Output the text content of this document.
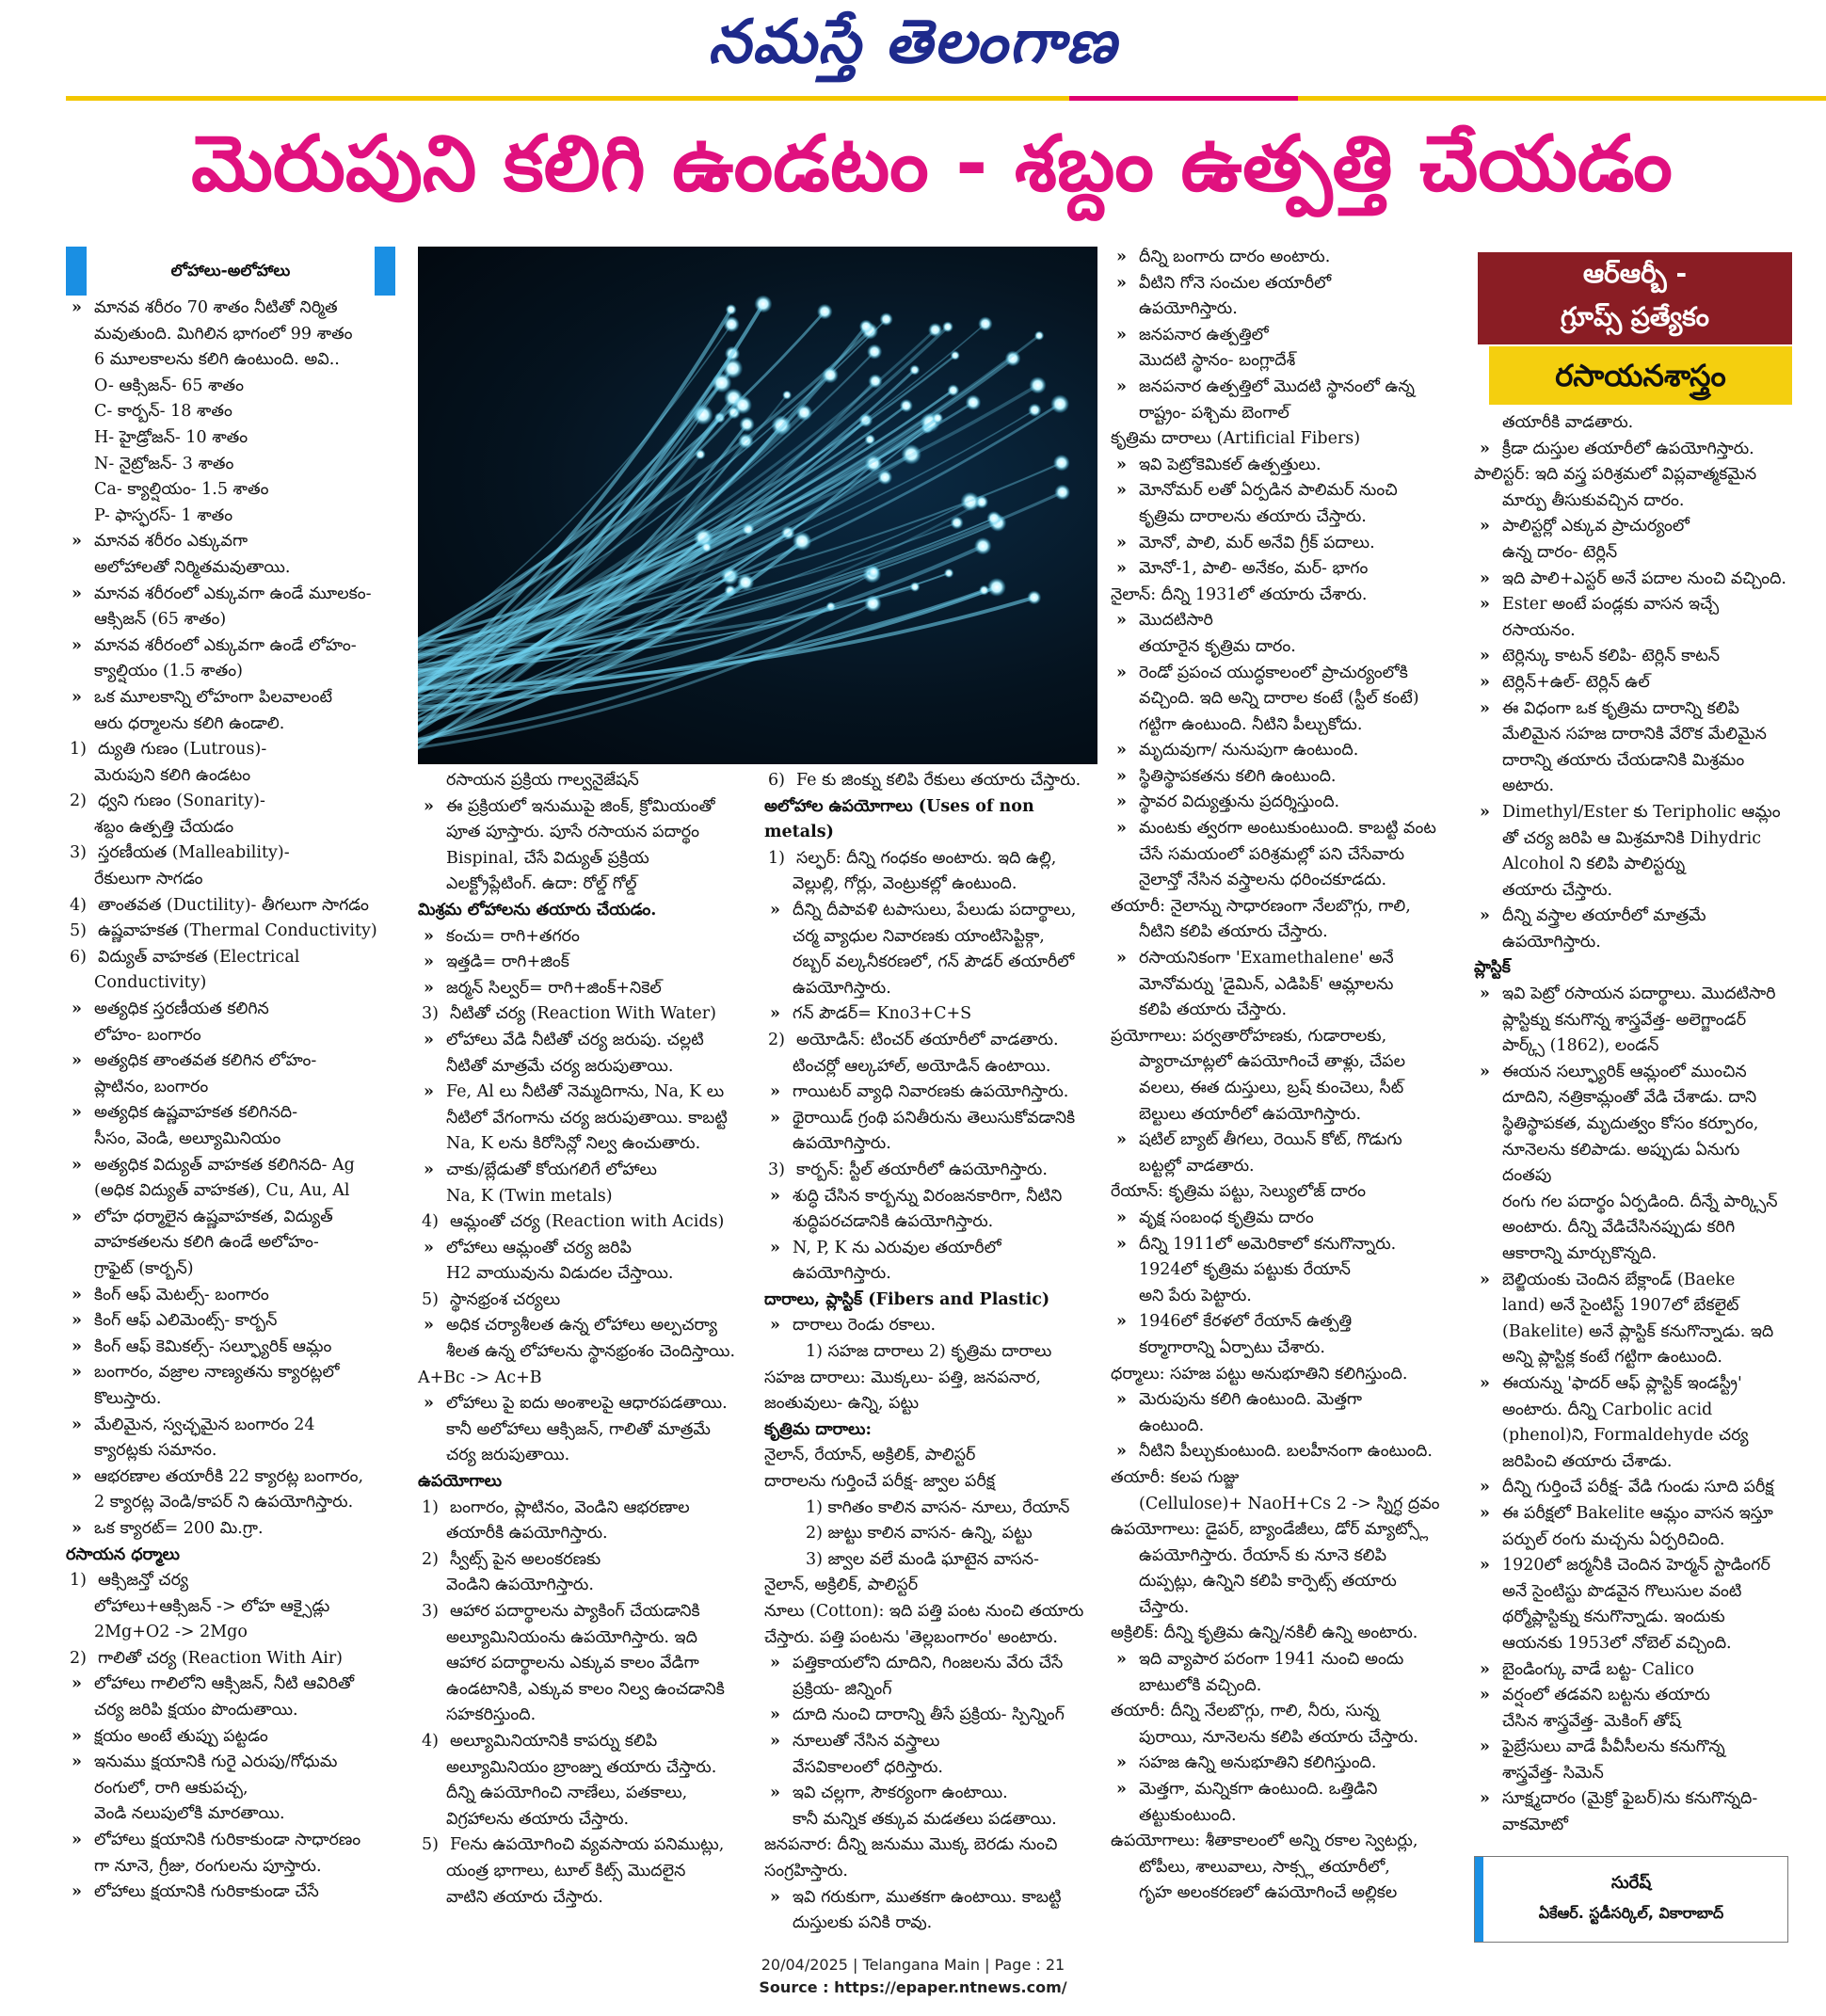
నమస్తే తెలంగాణ
మెరుపుని కలిగి ఉండటం - శబ్దం ఉత్పత్తి చేయడం
లోహాలు-అలోహాలు

» మానవ శరీరం 70 శాతం నీటితో నిర్మిత

మవుతుంది. మిగిలిన భాగంలో 99 శాతం

6 మూలకాలను కలిగి ఉంటుంది. అవి..

O- ఆక్సిజన్- 65 శాతం

C- కార్బన్- 18 శాతం

H- హైడ్రోజన్- 10 శాతం

N- నైట్రోజన్- 3 శాతం

Ca- క్యాల్షియం- 1.5 శాతం

P- ఫాస్ఫరస్- 1 శాతం

» మానవ శరీరం ఎక్కువగా

అలోహాలతో నిర్మితమవుతాయి.

» మానవ శరీరంలో ఎక్కువగా ఉండే మూలకం-

ఆక్సిజన్ (65 శాతం)

» మానవ శరీరంలో ఎక్కువగా ఉండే లోహం-

క్యాల్షియం (1.5 శాతం)

» ఒక మూలకాన్ని లోహంగా పిలవాలంటే

ఆరు ధర్మాలను కలిగి ఉండాలి.

1) ద్యుతి గుణం (Lutrous)-

మెరుపుని కలిగి ఉండటం

2) ధ్వని గుణం (Sonarity)-

శబ్దం ఉత్పత్తి చేయడం

3) స్తరణీయత (Malleability)-

రేకులుగా సాగడం

4) తాంతవత (Ductility)- తీగలుగా సాగడం

5) ఉష్ణవాహకత (Thermal Conductivity)

6) విద్యుత్ వాహకత (Electrical

Conductivity)

» అత్యధిక స్తరణీయత కలిగిన

లోహం- బంగారం

» అత్యధిక తాంతవత కలిగిన లోహం-

ప్లాటినం, బంగారం

» అత్యధిక ఉష్ణవాహకత కలిగినది-

సీసం, వెండి, అల్యూమినియం

» అత్యధిక విద్యుత్ వాహకత కలిగినది- Ag

(అధిక విద్యుత్ వాహకత), Cu, Au, Al

» లోహ ధర్మాలైన ఉష్ణవాహకత, విద్యుత్

వాహకతలను కలిగి ఉండే అలోహం-

గ్రాఫైట్ (కార్బన్)

» కింగ్ ఆఫ్ మెటల్స్- బంగారం

» కింగ్ ఆఫ్ ఎలిమెంట్స్- కార్బన్

» కింగ్ ఆఫ్ కెమికల్స్- సల్ఫ్యూరిక్ ఆమ్లం

» బంగారం, వజ్రాల నాణ్యతను క్యారట్లలో

కొలుస్తారు.

» మేలిమైన, స్వచ్ఛమైన బంగారం 24

క్యారట్లకు సమానం.

» ఆభరణాల తయారీకి 22 క్యారట్ల బంగారం,

2 క్యారట్ల వెండి/కాపర్ ని ఉపయోగిస్తారు.

» ఒక క్యారట్= 200 మి.గ్రా.

రసాయన ధర్మాలు

1) ఆక్సిజన్తో చర్య

లోహాలు+ఆక్సిజన్ -> లోహ ఆక్సైడ్లు

2Mg+O2 -> 2Mgo

2) గాలితో చర్య (Reaction With Air)

» లోహాలు గాలిలోని ఆక్సిజన్, నీటి ఆవిరితో

చర్య జరిపి క్షయం పొందుతాయి.

» క్షయం అంటే తుప్పు పట్టడం

» ఇనుము క్షయానికి గురై ఎరుపు/గోధుమ

రంగులో, రాగి ఆకుపచ్చ,

వెండి నలుపులోకి మారతాయి.

» లోహాలు క్షయానికి గురికాకుండా సాధారణం

గా నూనె, గ్రీజు, రంగులను పూస్తారు.

» లోహాలు క్షయానికి గురికాకుండా చేసే

రసాయన ప్రక్రియ గాల్వనైజేషన్

» ఈ ప్రక్రియలో ఇనుముపై జింక్, క్రోమియంతో

పూత పూస్తారు. పూసే రసాయన పదార్థం

Bispinal, చేసే విద్యుత్ ప్రక్రియ

ఎలక్ట్రోప్లేటింగ్. ఉదా: రోల్డ్ గోల్డ్

మిశ్రమ లోహాలను తయారు చేయడం.

» కంచు= రాగి+తగరం

» ఇత్తడి= రాగి+జింక్

» జర్మన్ సిల్వర్= రాగి+జింక్+నికెల్

3) నీటితో చర్య (Reaction With Water)

» లోహాలు వేడి నీటితో చర్య జరుపు. చల్లటి

నీటితో మాత్రమే చర్య జరుపుతాయి.

» Fe, Al లు నీటితో నెమ్మదిగాను, Na, K లు

నీటిలో వేగంగాను చర్య జరుపుతాయి. కాబట్టి

Na, K లను కిరోసిన్లో నిల్వ ఉంచుతారు.

» చాకు/బ్లేడుతో కోయగలిగే లోహాలు

Na, K (Twin metals)

4) ఆమ్లంతో చర్య (Reaction with Acids)

» లోహాలు ఆమ్లంతో చర్య జరిపి

H2 వాయువును విడుదల చేస్తాయి.

5) స్థానభ్రంశ చర్యలు

» అధిక చర్యాశీలత ఉన్న లోహాలు అల్పచర్యా

శీలత ఉన్న లోహాలను స్థానభ్రంశం చెందిస్తాయి.

A+Bc -> Ac+B

» లోహాలు పై ఐదు అంశాలపై ఆధారపడతాయి.

కానీ అలోహాలు ఆక్సిజన్, గాలితో మాత్రమే

చర్య జరుపుతాయి.

ఉపయోగాలు

1) బంగారం, ప్లాటినం, వెండిని ఆభరణాల

తయారీకి ఉపయోగిస్తారు.

2) స్వీట్స్ పైన అలంకరణకు

వెండిని ఉపయోగిస్తారు.

3) ఆహార పదార్థాలను ప్యాకింగ్ చేయడానికి

అల్యూమినియంను ఉపయోగిస్తారు. ఇది

ఆహార పదార్థాలను ఎక్కువ కాలం వేడిగా

ఉండటానికి, ఎక్కువ కాలం నిల్వ ఉంచడానికి

సహకరిస్తుంది.

4) అల్యూమినియానికి కాపర్ను కలిపి

అల్యూమినియం బ్రాంజ్ను తయారు చేస్తారు.

దీన్ని ఉపయోగించి నాణేలు, పతకాలు,

విగ్రహాలను తయారు చేస్తారు.

5) Feను ఉపయోగించి వ్యవసాయ పనిముట్లు,

యంత్ర భాగాలు, టూల్ కిట్స్ మొదలైన

వాటిని తయారు చేస్తారు.

6) Fe కు జింక్ను కలిపి రేకులు తయారు చేస్తారు.

అలోహాల ఉపయోగాలు (Uses of non metals)

1) సల్ఫర్: దీన్ని గంధకం అంటారు. ఇది ఉల్లి,

వెల్లుల్లి, గోర్లు, వెంట్రుకల్లో ఉంటుంది.

» దీన్ని దీపావళి టపాసులు, పేలుడు పదార్థాలు,

చర్మ వ్యాధుల నివారణకు యాంటిసెప్టిక్గా,

రబ్బర్ వల్కనీకరణలో, గన్ పౌడర్ తయారీలో

ఉపయోగిస్తారు.

» గన్ పౌడర్= Kno3+C+S

2) అయోడిన్: టించర్ తయారీలో వాడతారు.

టించర్లో ఆల్కహాల్, అయోడిన్ ఉంటాయి.

» గాయిటర్ వ్యాధి నివారణకు ఉపయోగిస్తారు.

» థైరాయిడ్ గ్రంథి పనితీరును తెలుసుకోవడానికి

ఉపయోగిస్తారు.

3) కార్బన్: స్టీల్ తయారీలో ఉపయోగిస్తారు.

» శుద్ధి చేసిన కార్బన్ను విరంజనకారిగా, నీటిని

శుద్ధిపరచడానికి ఉపయోగిస్తారు.

» N, P, K ను ఎరువుల తయారీలో

ఉపయోగిస్తారు.

దారాలు, ప్లాస్టిక్ (Fibers and Plastic)

» దారాలు రెండు రకాలు.

1) సహజ దారాలు 2) కృత్రిమ దారాలు

సహజ దారాలు: మొక్కలు- పత్తి, జనపనార,

జంతువులు- ఉన్ని, పట్టు

కృత్రిమ దారాలు:

నైలాన్, రేయాన్, అక్రిలిక్, పాలిస్టర్

దారాలను గుర్తించే పరీక్ష- జ్వాల పరీక్ష

1) కాగితం కాలిన వాసన- నూలు, రేయాన్

2) జుట్టు కాలిన వాసన- ఉన్ని, పట్టు

3) జ్వాల వలే మండి ఘాటైన వాసన-

నైలాన్, అక్రిలిక్, పాలిస్టర్

నూలు (Cotton): ఇది పత్తి పంట నుంచి తయారు

చేస్తారు. పత్తి పంటను 'తెల్లబంగారం' అంటారు.

» పత్తికాయలోని దూదిని, గింజలను వేరు చేసే

ప్రక్రియ- జిన్నింగ్

» దూది నుంచి దారాన్ని తీసే ప్రక్రియ- స్పిన్నింగ్

» నూలుతో నేసిన వస్త్రాలు

వేసవికాలంలో ధరిస్తారు.

» ఇవి చల్లగా, సౌకర్యంగా ఉంటాయి.

కానీ మన్నిక తక్కువ మడతలు పడతాయి.

జనపనార: దీన్ని జనుము మొక్క బెరడు నుంచి

సంగ్రహిస్తారు.

» ఇవి గరుకుగా, ముతకగా ఉంటాయి. కాబట్టి

దుస్తులకు పనికి రావు.

» దీన్ని బంగారు దారం అంటారు.

» వీటిని గోనె సంచుల తయారీలో

ఉపయోగిస్తారు.

» జనపనార ఉత్పత్తిలో

మొదటి స్థానం- బంగ్లాదేశ్

» జనపనార ఉత్పత్తిలో మొదటి స్థానంలో ఉన్న

రాష్ట్రం- పశ్చిమ బెంగాల్

కృత్రిమ దారాలు (Artificial Fibers)

» ఇవి పెట్రోకెమికల్ ఉత్పత్తులు.

» మోనోమర్ లతో ఏర్పడిన పాలిమర్ నుంచి

కృత్రిమ దారాలను తయారు చేస్తారు.

» మోనో, పాలి, మర్ అనేవి గ్రీక్ పదాలు.

» మోనో-1, పాలి- అనేకం, మర్- భాగం

నైలాన్: దీన్ని 1931లో తయారు చేశారు.

» మొదటిసారి

తయారైన కృత్రిమ దారం.

» రెండో ప్రపంచ యుద్ధకాలంలో ప్రాచుర్యంలోకి

వచ్చింది. ఇది అన్ని దారాల కంటే (స్టీల్ కంటే)

గట్టిగా ఉంటుంది. నీటిని పీల్చుకోదు.

» మృదువుగా/ నునుపుగా ఉంటుంది.

» స్థితిస్థాపకతను కలిగి ఉంటుంది.

» స్థావర విద్యుత్తును ప్రదర్శిస్తుంది.

» మంటకు త్వరగా అంటుకుంటుంది. కాబట్టి వంట

చేసే సమయంలో పరిశ్రమల్లో పని చేసేవారు

నైలాన్తో నేసిన వస్త్రాలను ధరించకూడదు.

తయారీ: నైలాన్ను సాధారణంగా నేలబొగ్గు, గాలి,

నీటిని కలిపి తయారు చేస్తారు.

» రసాయనికంగా 'Examethalene' అనే

మోనోమర్ను 'డైమిన్, ఎడిపిక్' ఆమ్లాలను

కలిపి తయారు చేస్తారు.

ప్రయోగాలు: పర్వతారోహణకు, గుడారాలకు,

ప్యారాచూట్లలో ఉపయోగించే తాళ్లు, చేపల

వలలు, ఈత దుస్తులు, బ్రష్ కుంచెలు, సీట్

బెల్టులు తయారీలో ఉపయోగిస్తారు.

» షటిల్ బ్యాట్ తీగలు, రెయిన్ కోట్, గొడుగు

బట్టల్లో వాడతారు.

రేయాన్: కృత్రిమ పట్టు, సెల్యులోజ్ దారం

» వృక్ష సంబంధ కృత్రిమ దారం

» దీన్ని 1911లో అమెరికాలో కనుగొన్నారు.

1924లో కృత్రిమ పట్టుకు రేయాన్

అని పేరు పెట్టారు.

» 1946లో కేరళలో రేయాన్ ఉత్పత్తి

కర్మాగారాన్ని ఏర్పాటు చేశారు.

ధర్మాలు: సహజ పట్టు అనుభూతిని కలిగిస్తుంది.

» మెరుపును కలిగి ఉంటుంది. మెత్తగా

ఉంటుంది.

» నీటిని పీల్చుకుంటుంది. బలహీనంగా ఉంటుంది.

తయారీ: కలప గుజ్జు

(Cellulose)+ NaoH+Cs 2 -> స్నిగ్ధ ద్రవం

ఉపయోగాలు: డైపర్, బ్యాండేజీలు, డోర్ మ్యాట్స్లో

ఉపయోగిస్తారు. రేయాన్ కు నూనె కలిపి

దుప్పట్లు, ఉన్నిని కలిపి కార్పెట్స్ తయారు

చేస్తారు.

అక్రిలిక్: దీన్ని కృత్రిమ ఉన్ని/నకిలీ ఉన్ని అంటారు.

» ఇది వ్యాపార పరంగా 1941 నుంచి అందు

బాటులోకి వచ్చింది.

తయారీ: దీన్ని నేలబొగ్గు, గాలి, నీరు, సున్న

పురాయి, నూనెలను కలిపి తయారు చేస్తారు.

» సహజ ఉన్ని అనుభూతిని కలిగిస్తుంది.

» మెత్తగా, మన్నికగా ఉంటుంది. ఒత్తిడిని

తట్టుకుంటుంది.

ఉపయోగాలు: శీతాకాలంలో అన్ని రకాల స్వెటర్లు,

టోపీలు, శాలువాలు, సాక్స్ల తయారీలో,

గృహ అలంకరణలో ఉపయోగించే అల్లికల

ఆర్ఆర్బీ -
గ్రూప్స్ ప్రత్యేకం
రసాయనశాస్త్రం

తయారీకి వాడతారు.

» క్రీడా దుస్తుల తయారీలో ఉపయోగిస్తారు.

పాలిస్టర్: ఇది వస్త్ర పరిశ్రమలో విప్లవాత్మకమైన

మార్పు తీసుకువచ్చిన దారం.

» పాలిస్టర్లో ఎక్కువ ప్రాచుర్యంలో

ఉన్న దారం- టెర్లిన్

» ఇది పాలి+ఎస్టర్ అనే పదాల నుంచి వచ్చింది.

» Ester అంటే పండ్లకు వాసన ఇచ్చే

రసాయనం.

» టెర్లిన్కు కాటన్ కలిపి- టెర్లిన్ కాటన్

» టెర్లిన్+ఉల్- టెర్లిన్ ఉల్

» ఈ విధంగా ఒక కృత్రిమ దారాన్ని కలిపి

మేలిమైన సహజ దారానికి వేరొక మేలిమైన

దారాన్ని తయారు చేయడానికి మిశ్రమం

అటారు.

» Dimethyl/Ester కు Teripholic ఆమ్లం

తో చర్య జరిపి ఆ మిశ్రమానికి Dihydric

Alcohol ని కలిపి పాలిస్టర్ను

తయారు చేస్తారు.

» దీన్ని వస్త్రాల తయారీలో మాత్రమే

ఉపయోగిస్తారు.

ప్లాస్టిక్

» ఇవి పెట్రో రసాయన పదార్థాలు. మొదటిసారి

ప్లాస్టిక్ను కనుగొన్న శాస్త్రవేత్త- అలెగ్జాండర్

పార్క్స్ (1862), లండన్

» ఈయన సల్ఫ్యూరిక్ ఆమ్లంలో ముంచిన

దూదిని, నత్రికామ్లంతో వేడి చేశాడు. దాని

స్థితిస్థాపకత, మృదుత్వం కోసం కర్పూరం,

నూనెలను కలిపాడు. అప్పుడు ఏనుగు దంతపు

రంగు గల పదార్థం ఏర్పడింది. దీన్నే పార్క్సిన్

అంటారు. దీన్ని వేడిచేసినప్పుడు కరిగి

ఆకారాన్ని మార్చుకొన్నది.

» బెల్జియంకు చెందిన బేక్లాండ్ (Baeke

land) అనే సైంటిస్ట్ 1907లో బేకలైట్

(Bakelite) అనే ప్లాస్టిక్ కనుగొన్నాడు. ఇది

అన్ని ప్లాస్టిక్ల కంటే గట్టిగా ఉంటుంది.

» ఈయన్ను 'ఫాదర్ ఆఫ్ ప్లాస్టిక్ ఇండస్ట్రీ'

అంటారు. దీన్ని Carbolic acid

(phenol)ని, Formaldehyde చర్య

జరిపించి తయారు చేశాడు.

» దీన్ని గుర్తించే పరీక్ష- వేడి గుండు సూది పరీక్ష

» ఈ పరీక్షలో Bakelite ఆమ్లం వాసన ఇస్తూ

పర్పుల్ రంగు మచ్చను ఏర్పరిచింది.

» 1920లో జర్మనీకి చెందిన హెర్మన్ స్టాడింగర్

అనే సైంటిస్టు పొడవైన గొలుసుల వంటి

థర్మోప్లాస్టిక్ను కనుగొన్నాడు. ఇందుకు

ఆయనకు 1953లో నోబెల్ వచ్చింది.

» బైండింగ్కు వాడే బట్ట- Calico

» వర్షంలో తడవని బట్టను తయారు

చేసిన శాస్త్రవేత్త- మెకింగ్ తోష్

» ఫైబ్రేసులు వాడే పీవీసీలను కనుగొన్న

శాస్త్రవేత్త- సిమెన్

» సూక్ష్మదారం (మైక్రో ఫైబర్)ను కనుగొన్నది-

వాకమోటో

సురేష్
ఏకేఆర్. స్టడీసర్కిల్, వికారాబాద్
20/04/2025 | Telangana Main | Page : 21
Source : https://epaper.ntnews.com/
